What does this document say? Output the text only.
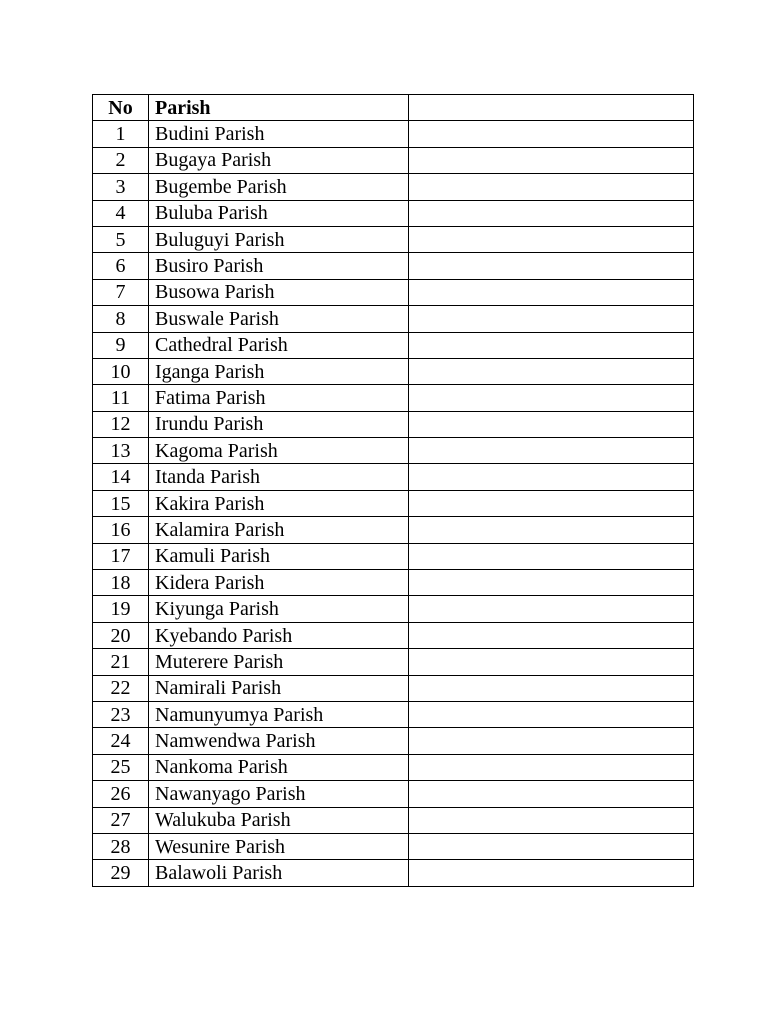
No	Parish	
1	Budini Parish	
2	Bugaya Parish	
3	Bugembe Parish	
4	Buluba Parish	
5	Buluguyi Parish	
6	Busiro Parish	
7	Busowa Parish	
8	Buswale Parish	
9	Cathedral Parish	
10	Iganga Parish	
11	Fatima Parish	
12	Irundu Parish	
13	Kagoma Parish	
14	Itanda Parish	
15	Kakira Parish	
16	Kalamira Parish	
17	Kamuli Parish	
18	Kidera Parish	
19	Kiyunga Parish	
20	Kyebando Parish	
21	Muterere Parish	
22	Namirali Parish	
23	Namunyumya Parish	
24	Namwendwa Parish	
25	Nankoma Parish	
26	Nawanyago Parish	
27	Walukuba Parish	
28	Wesunire Parish	
29	Balawoli Parish	
